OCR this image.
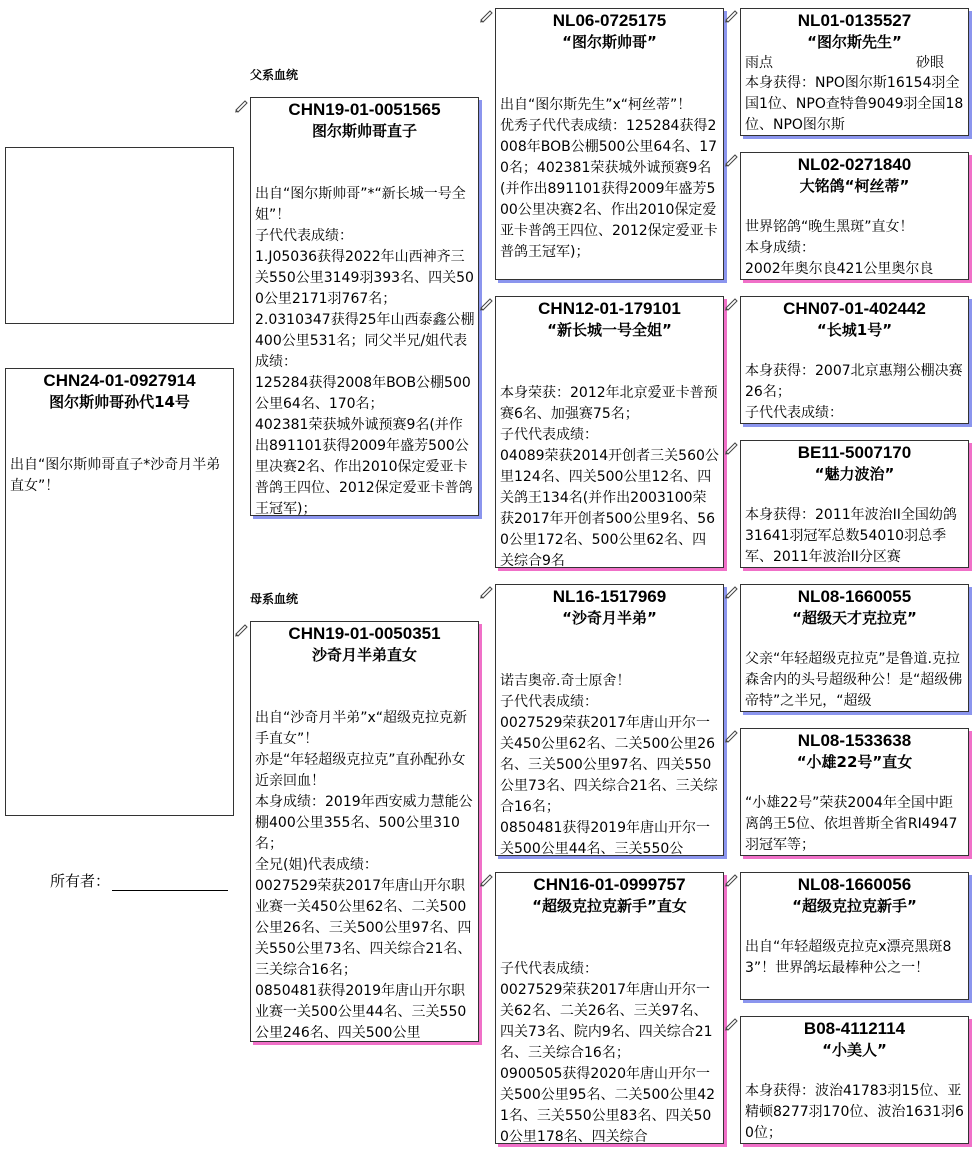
父系血统
母系血统
CHN24-01-0927914
图尔斯帅哥孙代14号
出自“图尔斯帅哥直子*沙奇月半弟直女”！
所有者：
CHN19-01-0051565
图尔斯帅哥直子
出自“图尔斯帅哥”*“新长城一号全姐”！
子代代表成绩：
1.J05036获得2022年山西神齐三关550公里3149羽393名、四关500公里2171羽767名；
2.0310347获得25年山西泰鑫公棚400公里531名；同父半兄/姐代表成绩：
125284获得2008年BOB公棚500公里64名、170名；
402381荣获城外诚预赛9名(并作出891101获得2009年盛芳500公里决赛2名、作出2010保定爱亚卡普鸽王四位、2012保定爱亚卡普鸽王冠军)；
CHN19-01-0050351
沙奇月半弟直女
出自“沙奇月半弟”x“超级克拉克新手直女”！
亦是“年轻超级克拉克”直孙配孙女近亲回血！
本身成绩：2019年西安威力慧能公棚400公里355名、500公里310名；
全兄(姐)代表成绩：
0027529荣获2017年唐山开尔职业赛一关450公里62名、二关500公里26名、三关500公里97名、四关550公里73名、四关综合21名、三关综合16名；
0850481获得2019年唐山开尔职业赛一关500公里44名、三关550公里246名、四关500公里
NL06-0725175
“图尔斯帅哥”
出自“图尔斯先生”x“柯丝蒂”！
优秀子代代表成绩：125284获得2008年BOB公棚500公里64名、170名；402381荣获城外诚预赛9名(并作出891101获得2009年盛芳500公里决赛2名、作出2010保定爱亚卡普鸽王四位、2012保定爱亚卡普鸽王冠军)；
CHN12-01-179101
“新长城一号全姐”
本身荣获：2012年北京爱亚卡普预赛6名、加强赛75名；
子代代表成绩：
04089荣获2014开创者三关560公里124名、四关500公里12名、四关鸽王134名(并作出2003100荣获2017年开创者500公里9名、560公里172名、500公里62名、四关综合9名
NL16-1517969
“沙奇月半弟”
诺吉奥帝.奇士原舍！
子代代表成绩：
0027529荣获2017年唐山开尔一关450公里62名、二关500公里26名、三关500公里97名、四关550公里73名、四关综合21名、三关综合16名；
0850481获得2019年唐山开尔一关500公里44名、三关550公
CHN16-01-0999757
“超级克拉克新手”直女
子代代表成绩：
0027529荣获2017年唐山开尔一关62名、二关26名、三关97名、四关73名、院内9名、四关综合21名、三关综合16名；
0900505获得2020年唐山开尔一关500公里95名、二关500公里421名、三关550公里83名、四关500公里178名、四关综合
NL01-0135527
“图尔斯先生”
雨点	砂眼
本身获得：NPO图尔斯16154羽全国1位、NPO查特鲁9049羽全国18位、NPO图尔斯
NL02-0271840
大铭鸽“柯丝蒂”
世界铭鸽“晚生黑斑”直女！
本身成绩：
2002年奥尔良421公里奥尔良
CHN07-01-402442
“长城1号”
本身获得：2007北京惠翔公棚决赛26名；
子代代表成绩：
BE11-5007170
“魅力波治”
本身获得：2011年波治II全国幼鸽31641羽冠军总数54010羽总季军、2011年波治II分区赛
NL08-1660055
“超级天才克拉克”
父亲“年轻超级克拉克”是鲁道.克拉森舍内的头号超级种公！是“超级佛帝特”之半兄，“超级
NL08-1533638
“小雄22号”直女
“小雄22号”荣获2004年全国中距离鸽王5位、依坦普斯全省RI4947羽冠军等；
NL08-1660056
“超级克拉克新手”
出自“年轻超级克拉克x漂亮黑斑83”！世界鸽坛最棒种公之一！
B08-4112114
“小美人”
本身获得：波治41783羽15位、亚精顿8277羽170位、波治1631羽60位；
